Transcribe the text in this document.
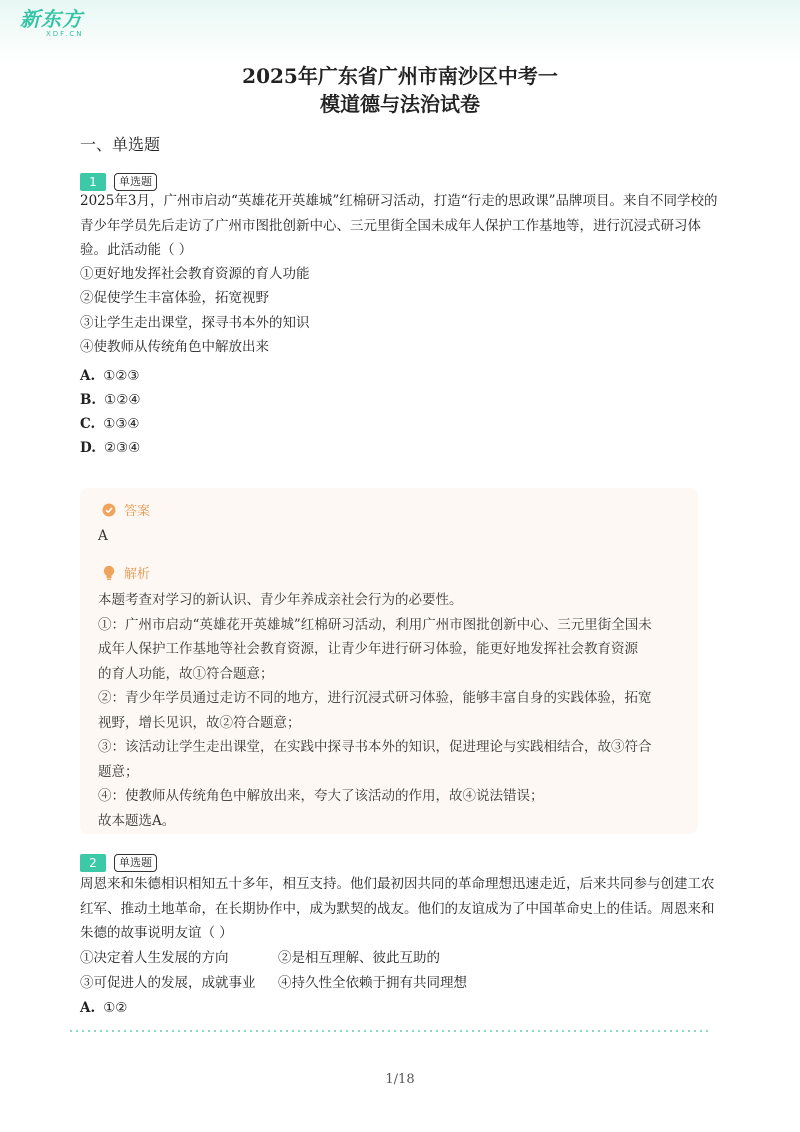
新东方
XDF.CN
2025年广东省广州市南沙区中考一
模道德与法治试卷
一、单选题
1	单选题
2025年3月，广州市启动“英雄花开英雄城”红棉研习活动，打造“行走的思政课”品牌项目。来自不同学校的青少年学员先后走访了广州市图批创新中心、三元里街全国未成年人保护工作基地等，进行沉浸式研习体验。此活动能（ ）
①更好地发挥社会教育资源的育人功能
②促使学生丰富体验，拓宽视野
③让学生走出课堂，探寻书本外的知识
④使教师从传统角色中解放出来
A. ①②③
B. ①②④
C. ①③④
D. ②③④
答案
A
解析
本题考查对学习的新认识、青少年养成亲社会行为的必要性。
①：广州市启动“英雄花开英雄城”红棉研习活动，利用广州市图批创新中心、三元里街全国未
成年人保护工作基地等社会教育资源，让青少年进行研习体验，能更好地发挥社会教育资源
的育人功能，故①符合题意；
②：青少年学员通过走访不同的地方，进行沉浸式研习体验，能够丰富自身的实践体验，拓宽
视野，增长见识，故②符合题意；
③：该活动让学生走出课堂，在实践中探寻书本外的知识，促进理论与实践相结合，故③符合
题意；
④：使教师从传统角色中解放出来，夸大了该活动的作用，故④说法错误；
故本题选A。
2	单选题
周恩来和朱德相识相知五十多年，相互支持。他们最初因共同的革命理想迅速走近，后来共同参与创建工农红军、推动土地革命，在长期协作中，成为默契的战友。他们的友谊成为了中国革命史上的佳话。周恩来和朱德的故事说明友谊（ ）
①决定着人生发展的方向	②是相互理解、彼此互助的
③可促进人的发展，成就事业	④持久性全依赖于拥有共同理想
A. ①②
1/18
